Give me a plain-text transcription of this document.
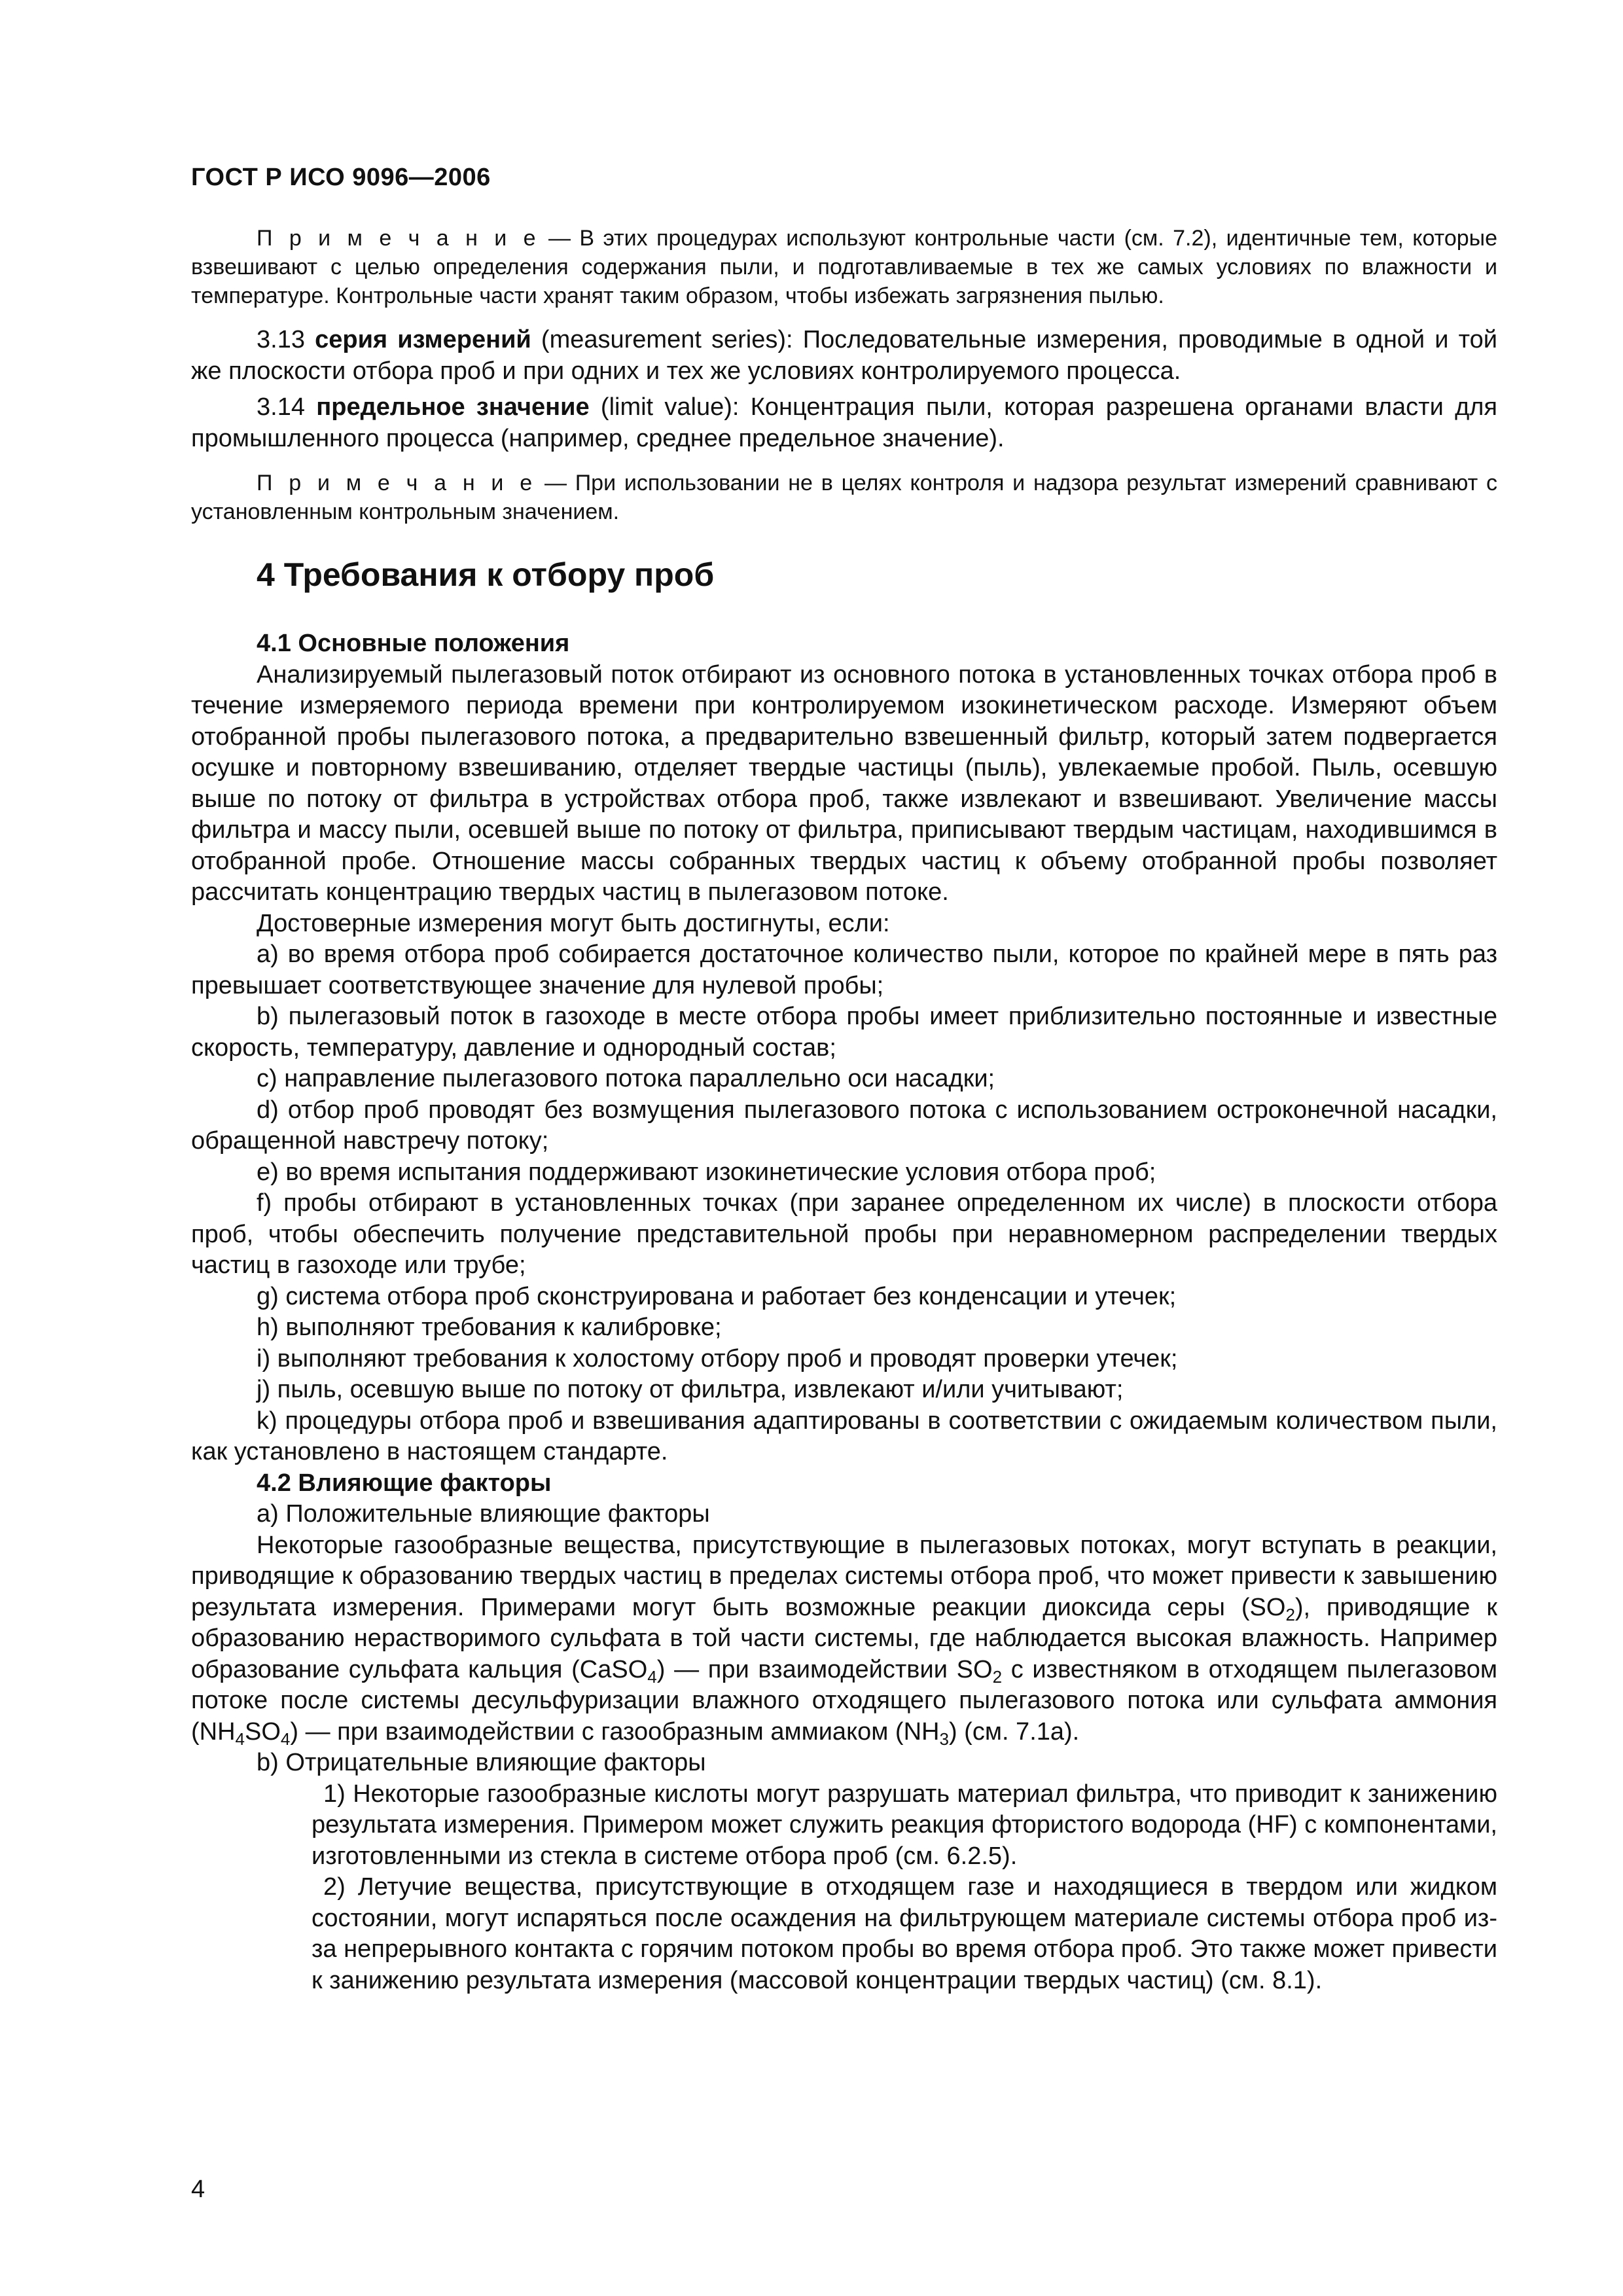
ГОСТ Р ИСО 9096—2006

П р и м е ч а н и е — В этих процедурах используют контрольные части (см. 7.2), идентичные тем, которые взвешивают с целью определения содержания пыли, и подготавливаемые в тех же самых условиях по влажности и температуре. Контрольные части хранят таким образом, чтобы избежать загрязнения пылью.

3.13 серия измерений (measurement series): Последовательные измерения, проводимые в одной и той же плоскости отбора проб и при одних и тех же условиях контролируемого процесса.

3.14 предельное значение (limit value): Концентрация пыли, которая разрешена органами власти для промышленного процесса (например, среднее предельное значение).

П р и м е ч а н и е — При использовании не в целях контроля и надзора результат измерений сравнивают с установленным контрольным значением.

4 Требования к отбору проб

4.1 Основные положения

Анализируемый пылегазовый поток отбирают из основного потока в установленных точках отбора проб в течение измеряемого периода времени при контролируемом изокинетическом расходе. Измеряют объем отобранной пробы пылегазового потока, а предварительно взвешенный фильтр, который затем подвергается осушке и повторному взвешиванию, отделяет твердые частицы (пыль), увлекаемые пробой. Пыль, осевшую выше по потоку от фильтра в устройствах отбора проб, также извлекают и взвешивают. Увеличение массы фильтра и массу пыли, осевшей выше по потоку от фильтра, приписывают твердым частицам, находившимся в отобранной пробе. Отношение массы собранных твердых частиц к объему отобранной пробы позволяет рассчитать концентрацию твердых частиц в пылегазовом потоке.

Достоверные измерения могут быть достигнуты, если:

a) во время отбора проб собирается достаточное количество пыли, которое по крайней мере в пять раз превышает соответствующее значение для нулевой пробы;

b) пылегазовый поток в газоходе в месте отбора пробы имеет приблизительно постоянные и известные скорость, температуру, давление и однородный состав;

c) направление пылегазового потока параллельно оси насадки;

d) отбор проб проводят без возмущения пылегазового потока с использованием остроконечной насадки, обращенной навстречу потоку;

e) во время испытания поддерживают изокинетические условия отбора проб;

f) пробы отбирают в установленных точках (при заранее определенном их числе) в плоскости отбора проб, чтобы обеспечить получение представительной пробы при неравномерном распределении твердых частиц в газоходе или трубе;

g) система отбора проб сконструирована и работает без конденсации и утечек;

h) выполняют требования к калибровке;

i) выполняют требования к холостому отбору проб и проводят проверки утечек;

j) пыль, осевшую выше по потоку от фильтра, извлекают и/или учитывают;

k) процедуры отбора проб и взвешивания адаптированы в соответствии с ожидаемым количеством пыли, как установлено в настоящем стандарте.

4.2 Влияющие факторы

a) Положительные влияющие факторы

Некоторые газообразные вещества, присутствующие в пылегазовых потоках, могут вступать в реакции, приводящие к образованию твердых частиц в пределах системы отбора проб, что может привести к завышению результата измерения. Примерами могут быть возможные реакции диоксида серы $(SO_2)$, приводящие к образованию нерастворимого сульфата в той части системы, где наблюдается высокая влажность. Например образование сульфата кальция (CaSO$_4$) — при взаимодействии $SO_2$ с известняком в отходящем пылегазовом потоке после системы десульфуризации влажного отходящего пылегазового потока или сульфата аммония $(NH_4SO_4)$ — при взаимодействии с газообразным аммиаком $(NH_3)$ (см. 7.1a).

b) Отрицательные влияющие факторы

1) Некоторые газообразные кислоты могут разрушать материал фильтра, что приводит к занижению результата измерения. Примером может служить реакция фтористого водорода (HF) с компонентами, изготовленными из стекла в системе отбора проб (см. 6.2.5).

2) Летучие вещества, присутствующие в отходящем газе и находящиеся в твердом или жидком состоянии, могут испаряться после осаждения на фильтрующем материале системы отбора проб из-за непрерывного контакта с горячим потоком пробы во время отбора проб. Это также может привести к занижению результата измерения (массовой концентрации твердых частиц) (см. 8.1).

4
